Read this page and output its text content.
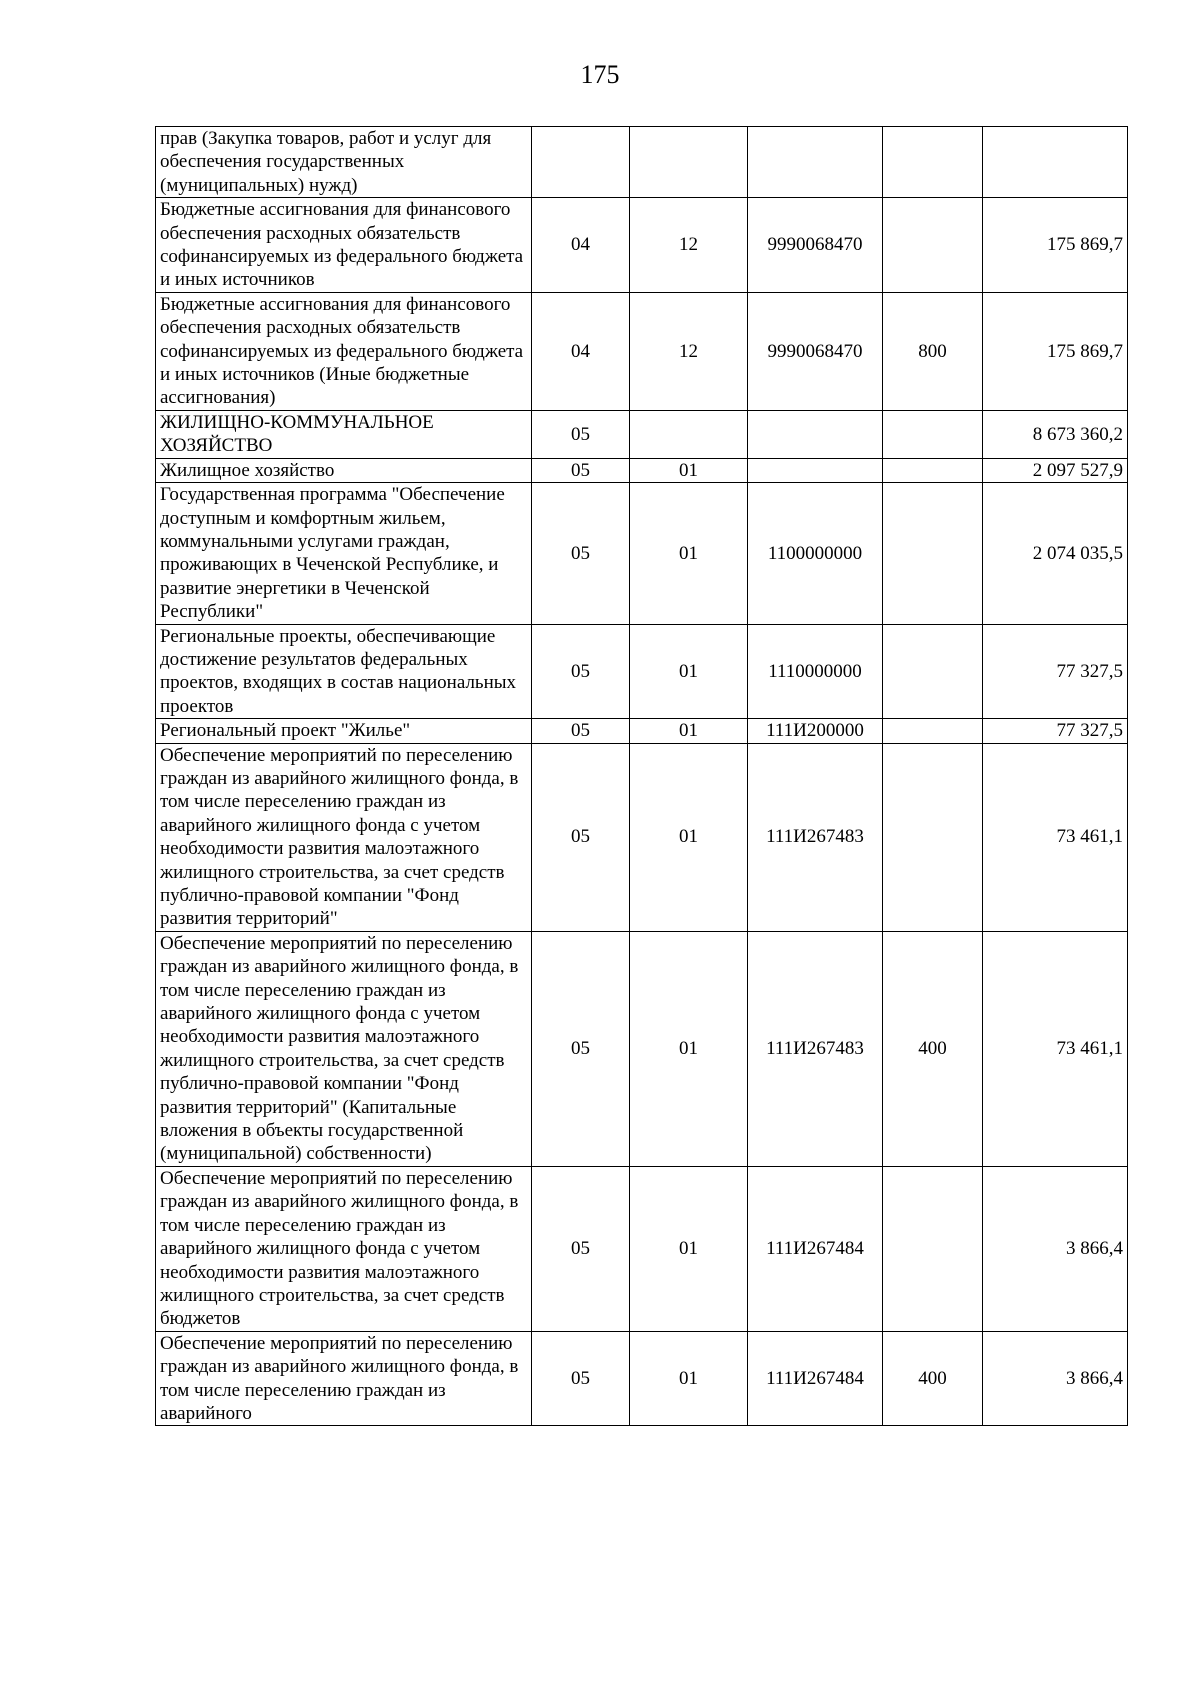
175
прав (Закупка товаров, работ и услуг для обеспечения государственных (муниципальных) нужд)					
Бюджетные ассигнования для финансового обеспечения расходных обязательств софинансируемых из федерального бюджета и иных источников	04	12	9990068470		175 869,7
Бюджетные ассигнования для финансового обеспечения расходных обязательств софинансируемых из федерального бюджета и иных источников (Иные бюджетные ассигнования)	04	12	9990068470	800	175 869,7
ЖИЛИЩНО-КОММУНАЛЬНОЕ ХОЗЯЙСТВО	05				8 673 360,2
Жилищное хозяйство	05	01			2 097 527,9
Государственная программа "Обеспечение доступным и комфортным жильем, коммунальными услугами граждан, проживающих в Чеченской Республике, и развитие энергетики в Чеченской Республики"	05	01	1100000000		2 074 035,5
Региональные проекты, обеспечивающие достижение результатов федеральных проектов, входящих в состав национальных проектов	05	01	1110000000		77 327,5
Региональный проект "Жилье"	05	01	111И200000		77 327,5
Обеспечение мероприятий по переселению граждан из аварийного жилищного фонда, в том числе переселению граждан из аварийного жилищного фонда с учетом необходимости развития малоэтажного жилищного строительства, за счет средств публично-правовой компании "Фонд развития территорий"	05	01	111И267483		73 461,1
Обеспечение мероприятий по переселению граждан из аварийного жилищного фонда, в том числе переселению граждан из аварийного жилищного фонда с учетом необходимости развития малоэтажного жилищного строительства, за счет средств публично-правовой компании "Фонд развития территорий" (Капитальные вложения в объекты государственной (муниципальной) собственности)	05	01	111И267483	400	73 461,1
Обеспечение мероприятий по переселению граждан из аварийного жилищного фонда, в том числе переселению граждан из аварийного жилищного фонда с учетом необходимости развития малоэтажного жилищного строительства, за счет средств бюджетов	05	01	111И267484		3 866,4
Обеспечение мероприятий по переселению граждан из аварийного жилищного фонда, в том числе переселению граждан из аварийного	05	01	111И267484	400	3 866,4
